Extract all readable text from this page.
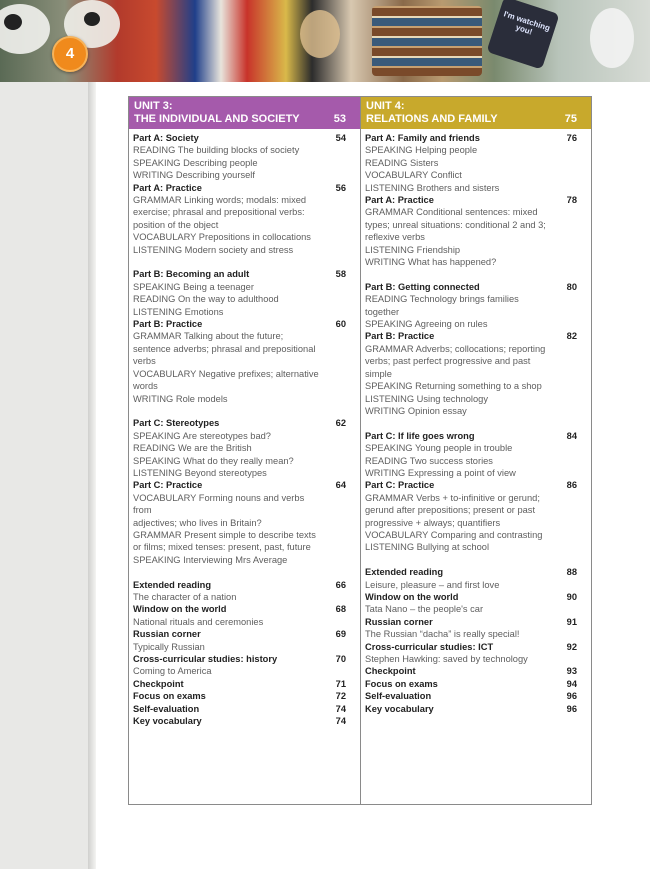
I'm watching you!
4
UNIT 3:
THE INDIVIDUAL AND SOCIETY	53
Part A: Society	54
READING The building blocks of society
SPEAKING Describing people
WRITING Describing yourself
Part A: Practice	56
GRAMMAR Linking words; modals: mixed
exercise; phrasal and prepositional verbs:
position of the object
VOCABULARY Prepositions in collocations
LISTENING Modern society and stress
Part B: Becoming an adult	58
SPEAKING Being a teenager
READING On the way to adulthood
LISTENING Emotions
Part B: Practice	60
GRAMMAR Talking about the future;
sentence adverbs; phrasal and prepositional
verbs
VOCABULARY Negative prefixes; alternative
words
WRITING Role models
Part C: Stereotypes	62
SPEAKING Are stereotypes bad?
READING We are the British
SPEAKING What do they really mean?
LISTENING Beyond stereotypes
Part C: Practice	64
VOCABULARY Forming nouns and verbs from
adjectives; who lives in Britain?
GRAMMAR Present simple to describe texts
or films; mixed tenses: present, past, future
SPEAKING Interviewing Mrs Average
Extended reading	66
The character of a nation
Window on the world	68
National rituals and ceremonies
Russian corner	69
Typically Russian
Cross-curricular studies: history	70
Coming to America
Checkpoint	71
Focus on exams	72
Self-evaluation	74
Key vocabulary	74
UNIT 4:
RELATIONS AND FAMILY	75
Part A: Family and friends	76
SPEAKING Helping people
READING Sisters
VOCABULARY Conflict
LISTENING Brothers and sisters
Part A: Practice	78
GRAMMAR Conditional sentences: mixed
types; unreal situations: conditional 2 and 3;
reflexive verbs
LISTENING Friendship
WRITING What has happened?
Part B: Getting connected	80
READING Technology brings families together
SPEAKING Agreeing on rules
Part B: Practice	82
GRAMMAR Adverbs; collocations; reporting
verbs; past perfect progressive and past
simple
SPEAKING Returning something to a shop
LISTENING Using technology
WRITING Opinion essay
Part C: If life goes wrong	84
SPEAKING Young people in trouble
READING Two success stories
WRITING Expressing a point of view
Part C: Practice	86
GRAMMAR Verbs + to-infinitive or gerund;
gerund after prepositions; present or past
progressive + always; quantifiers
VOCABULARY Comparing and contrasting
LISTENING Bullying at school
Extended reading	88
Leisure, pleasure – and first love
Window on the world	90
Tata Nano – the people's car
Russian corner	91
The Russian “dacha” is really special!
Cross-curricular studies: ICT	92
Stephen Hawking: saved by technology
Checkpoint	93
Focus on exams	94
Self-evaluation	96
Key vocabulary	96
